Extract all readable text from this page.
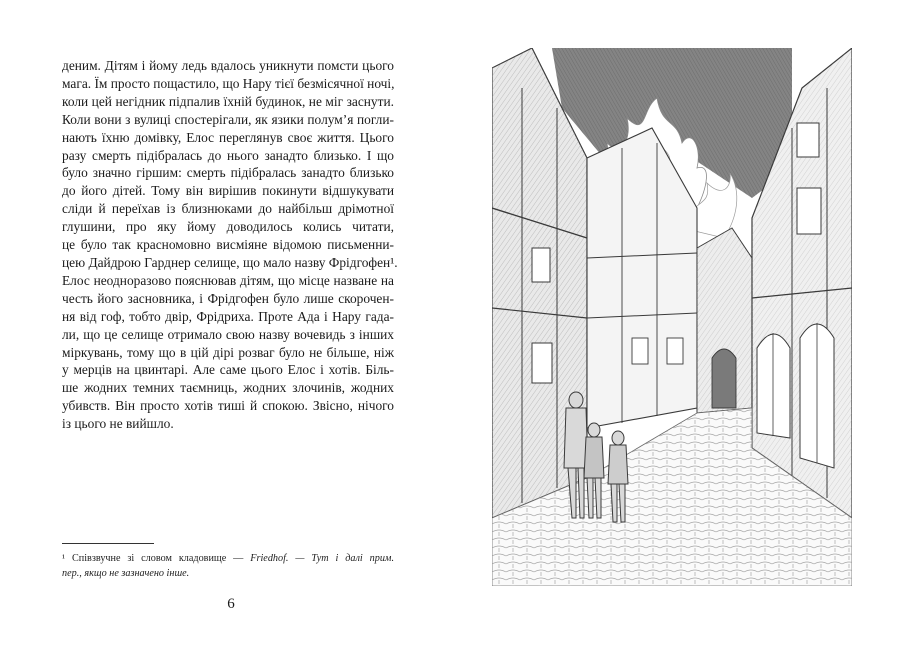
деним. Дітям і йому ледь вдалось уникнути помсти цього
мага. Їм просто пощастило, що Нару тієї безмісячної ночі,
коли цей негідник підпалив їхній будинок, не міг заснути.
Коли вони з вулиці спостерігали, як язики полум’я погли-
нають їхню домівку, Елос переглянув своє життя. Цього
разу смерть підібралась до нього занадто близько. І що
було значно гіршим: смерть підібралась занадто близько
до його дітей. Тому він вирішив покинути відшукувати
сліди й переїхав із близнюками до найбільш дрімотної
глушини, про яку йому доводилось колись читати,
це було так красномовно висміяне відомою письменни-
цею Дайдрою Гарднер селище, що мало назву Фрідгофен¹.
Елос неодноразово пояснював дітям, що місце назване на
честь його засновника, і Фрідгофен було лише скорочен-
ня від гоф, тобто двір, Фрідриха. Проте Ада і Нару гада-
ли, що це селище отримало свою назву вочевидь з інших
міркувань, тому що в цій дірі розваг було не більше, ніж
у мерців на цвинтарі. Але саме цього Елос і хотів. Біль-
ше жодних темних таємниць, жодних злочинів, жодних
убивств. Він просто хотів тиші й спокою. Звісно, нічого
із цього не вийшло.
¹ Співзвучне зі словом кладовище — Friedhof. — Тут і далі прим.
пер., якщо не зазначено інше.
6
